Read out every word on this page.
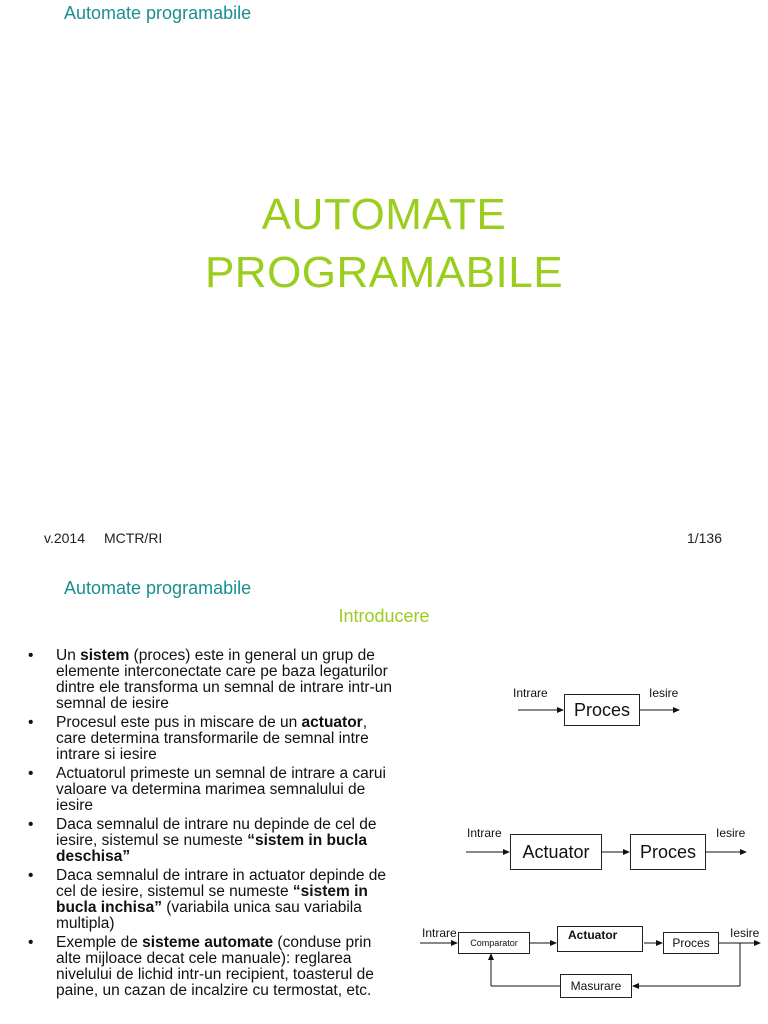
Automate programabile
AUTOMATE
PROGRAMABILE
v.2014 MCTR/RI	1/136
Automate programabile
Introducere
• Un sistem (proces) este in general un grup de elemente interconectate care pe baza legaturilor dintre ele transforma un semnal de intrare intr-un semnal de iesire
• Procesul este pus in miscare de un actuator, care determina transformarile de semnal intre intrare si iesire
• Actuatorul primeste un semnal de intrare a carui valoare va determina marimea semnalului de iesire
• Daca semnalul de intrare nu depinde de cel de iesire, sistemul se numeste “sistem in bucla deschisa”
• Daca semnalul de intrare in actuator depinde de cel de iesire, sistemul se numeste “sistem in bucla inchisa” (variabila unica sau variabila multipla)
• Exemple de sisteme automate (conduse prin alte mijloace decat cele manuale): reglarea nivelului de lichid intr-un recipient, toasterul de paine, un cazan de incalzire cu termostat, etc.
Intrare	Iesire
Proces
Intrare	Iesire
Actuator	Proces
Intrare	Iesire
Comparator
Actuator
Proces
Masurare
